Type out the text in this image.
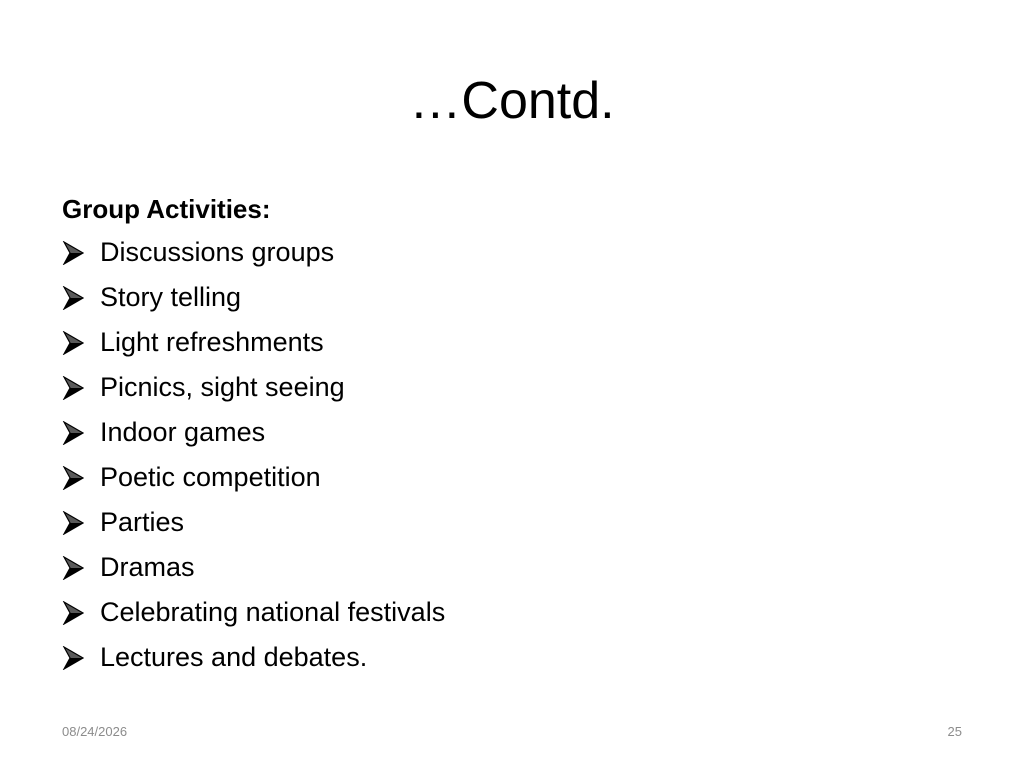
…Contd.
Group Activities:
Discussions groups
Story telling
Light refreshments
Picnics, sight seeing
Indoor games
Poetic competition
Parties
Dramas
Celebrating national festivals
Lectures and debates.
08/24/2026	25
